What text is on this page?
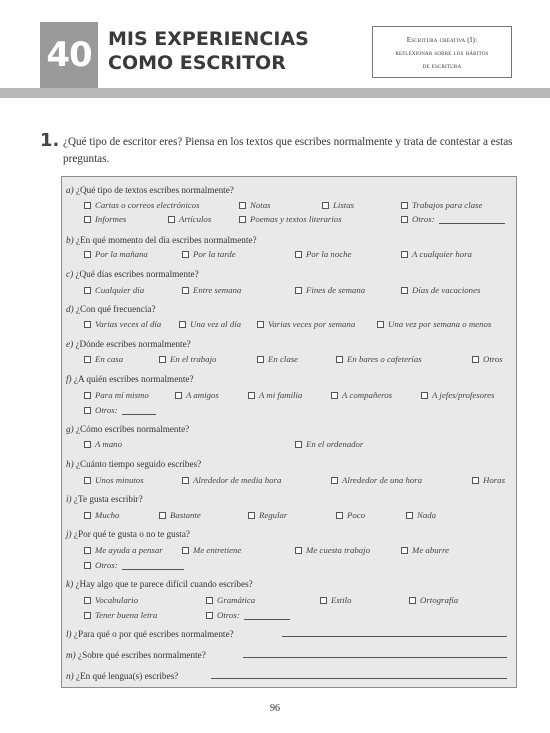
40 MIS EXPERIENCIAS
COMO ESCRITOR
Escritura creativa (I):
reflexionar sobre los hábitos
de escritura
1. ¿Qué tipo de escritor eres? Piensa en los textos que escribes normalmente y trata de contestar a estas preguntas.
a) ¿Qué tipo de textos escribes normalmente?
Cartas o correos electrónicos	Notas	Listas	Trabajos para clase
Informes	Artículos	Poemas y textos literarios	Otros:
b) ¿En qué momento del día escribes normalmente?
Por la mañana	Por la tarde	Por la noche	A cualquier hora
c) ¿Qué días escribes normalmente?
Cualquier día	Entre semana	Fines de semana	Días de vacaciones
d) ¿Con qué frecuencia?
Varias veces al día	Una vez al día	Varias veces por semana	Una vez por semana o menos
e) ¿Dónde escribes normalmente?
En casa	En el trabajo	En clase	En bares o cafeterías	Otros
f) ¿A quién escribes normalmente?
Para mí mismo	A amigos	A mi familia	A compañeros	A jefes/profesores
Otros:
g) ¿Cómo escribes normalmente?
A mano	En el ordenador
h) ¿Cuánto tiempo seguido escribes?
Unos minutos	Alrededor de media hora	Alrededor de una hora	Horas
i) ¿Te gusta escribir?
Mucho	Bastante	Regular	Poco	Nada
j) ¿Por qué te gusta o no te gusta?
Me ayuda a pensar	Me entretiene	Me cuesta trabajo	Me aburre
Otros:
k) ¿Hay algo que te parece difícil cuando escribes?
Vocabulario	Gramática	Estilo	Ortografía
Tener buena letra	Otros:
l) ¿Para qué o por qué escribes normalmente?
m) ¿Sobre qué escribes normalmente?
n) ¿En qué lengua(s) escribes?
96
